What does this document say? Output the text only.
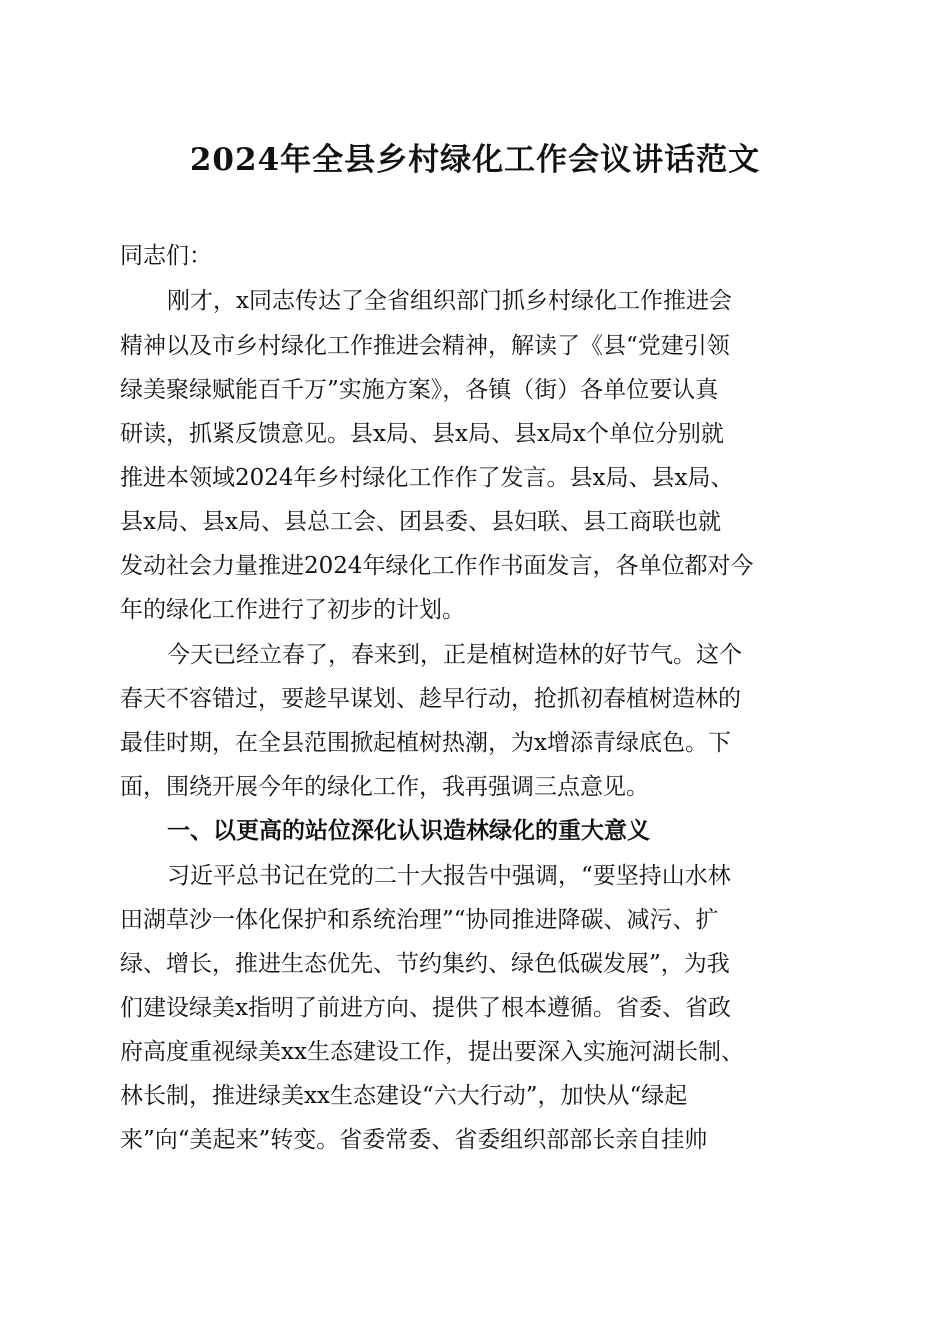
2024年全县乡村绿化工作会议讲话范文

同志们：

刚才，x同志传达了全省组织部门抓乡村绿化工作推进会

精神以及市乡村绿化工作推进会精神，解读了《县“党建引领

绿美聚绿赋能百千万”实施方案》，各镇（街）各单位要认真

研读，抓紧反馈意见。县x局、县x局、县x局x个单位分别就

推进本领域2024年乡村绿化工作作了发言。县x局、县x局、

县x局、县x局、县总工会、团县委、县妇联、县工商联也就

发动社会力量推进2024年绿化工作作书面发言，各单位都对今

年的绿化工作进行了初步的计划。

今天已经立春了，春来到，正是植树造林的好节气。这个

春天不容错过，要趁早谋划、趁早行动，抢抓初春植树造林的

最佳时期，在全县范围掀起植树热潮，为x增添青绿底色。下

面，围绕开展今年的绿化工作，我再强调三点意见。

一、以更高的站位深化认识造林绿化的重大意义

习近平总书记在党的二十大报告中强调，“要坚持山水林

田湖草沙一体化保护和系统治理”“协同推进降碳、减污、扩

绿、增长，推进生态优先、节约集约、绿色低碳发展”，为我

们建设绿美x指明了前进方向、提供了根本遵循。省委、省政

府高度重视绿美xx生态建设工作，提出要深入实施河湖长制、

林长制，推进绿美xx生态建设“六大行动”，加快从“绿起

来”向“美起来”转变。省委常委、省委组织部部长亲自挂帅
